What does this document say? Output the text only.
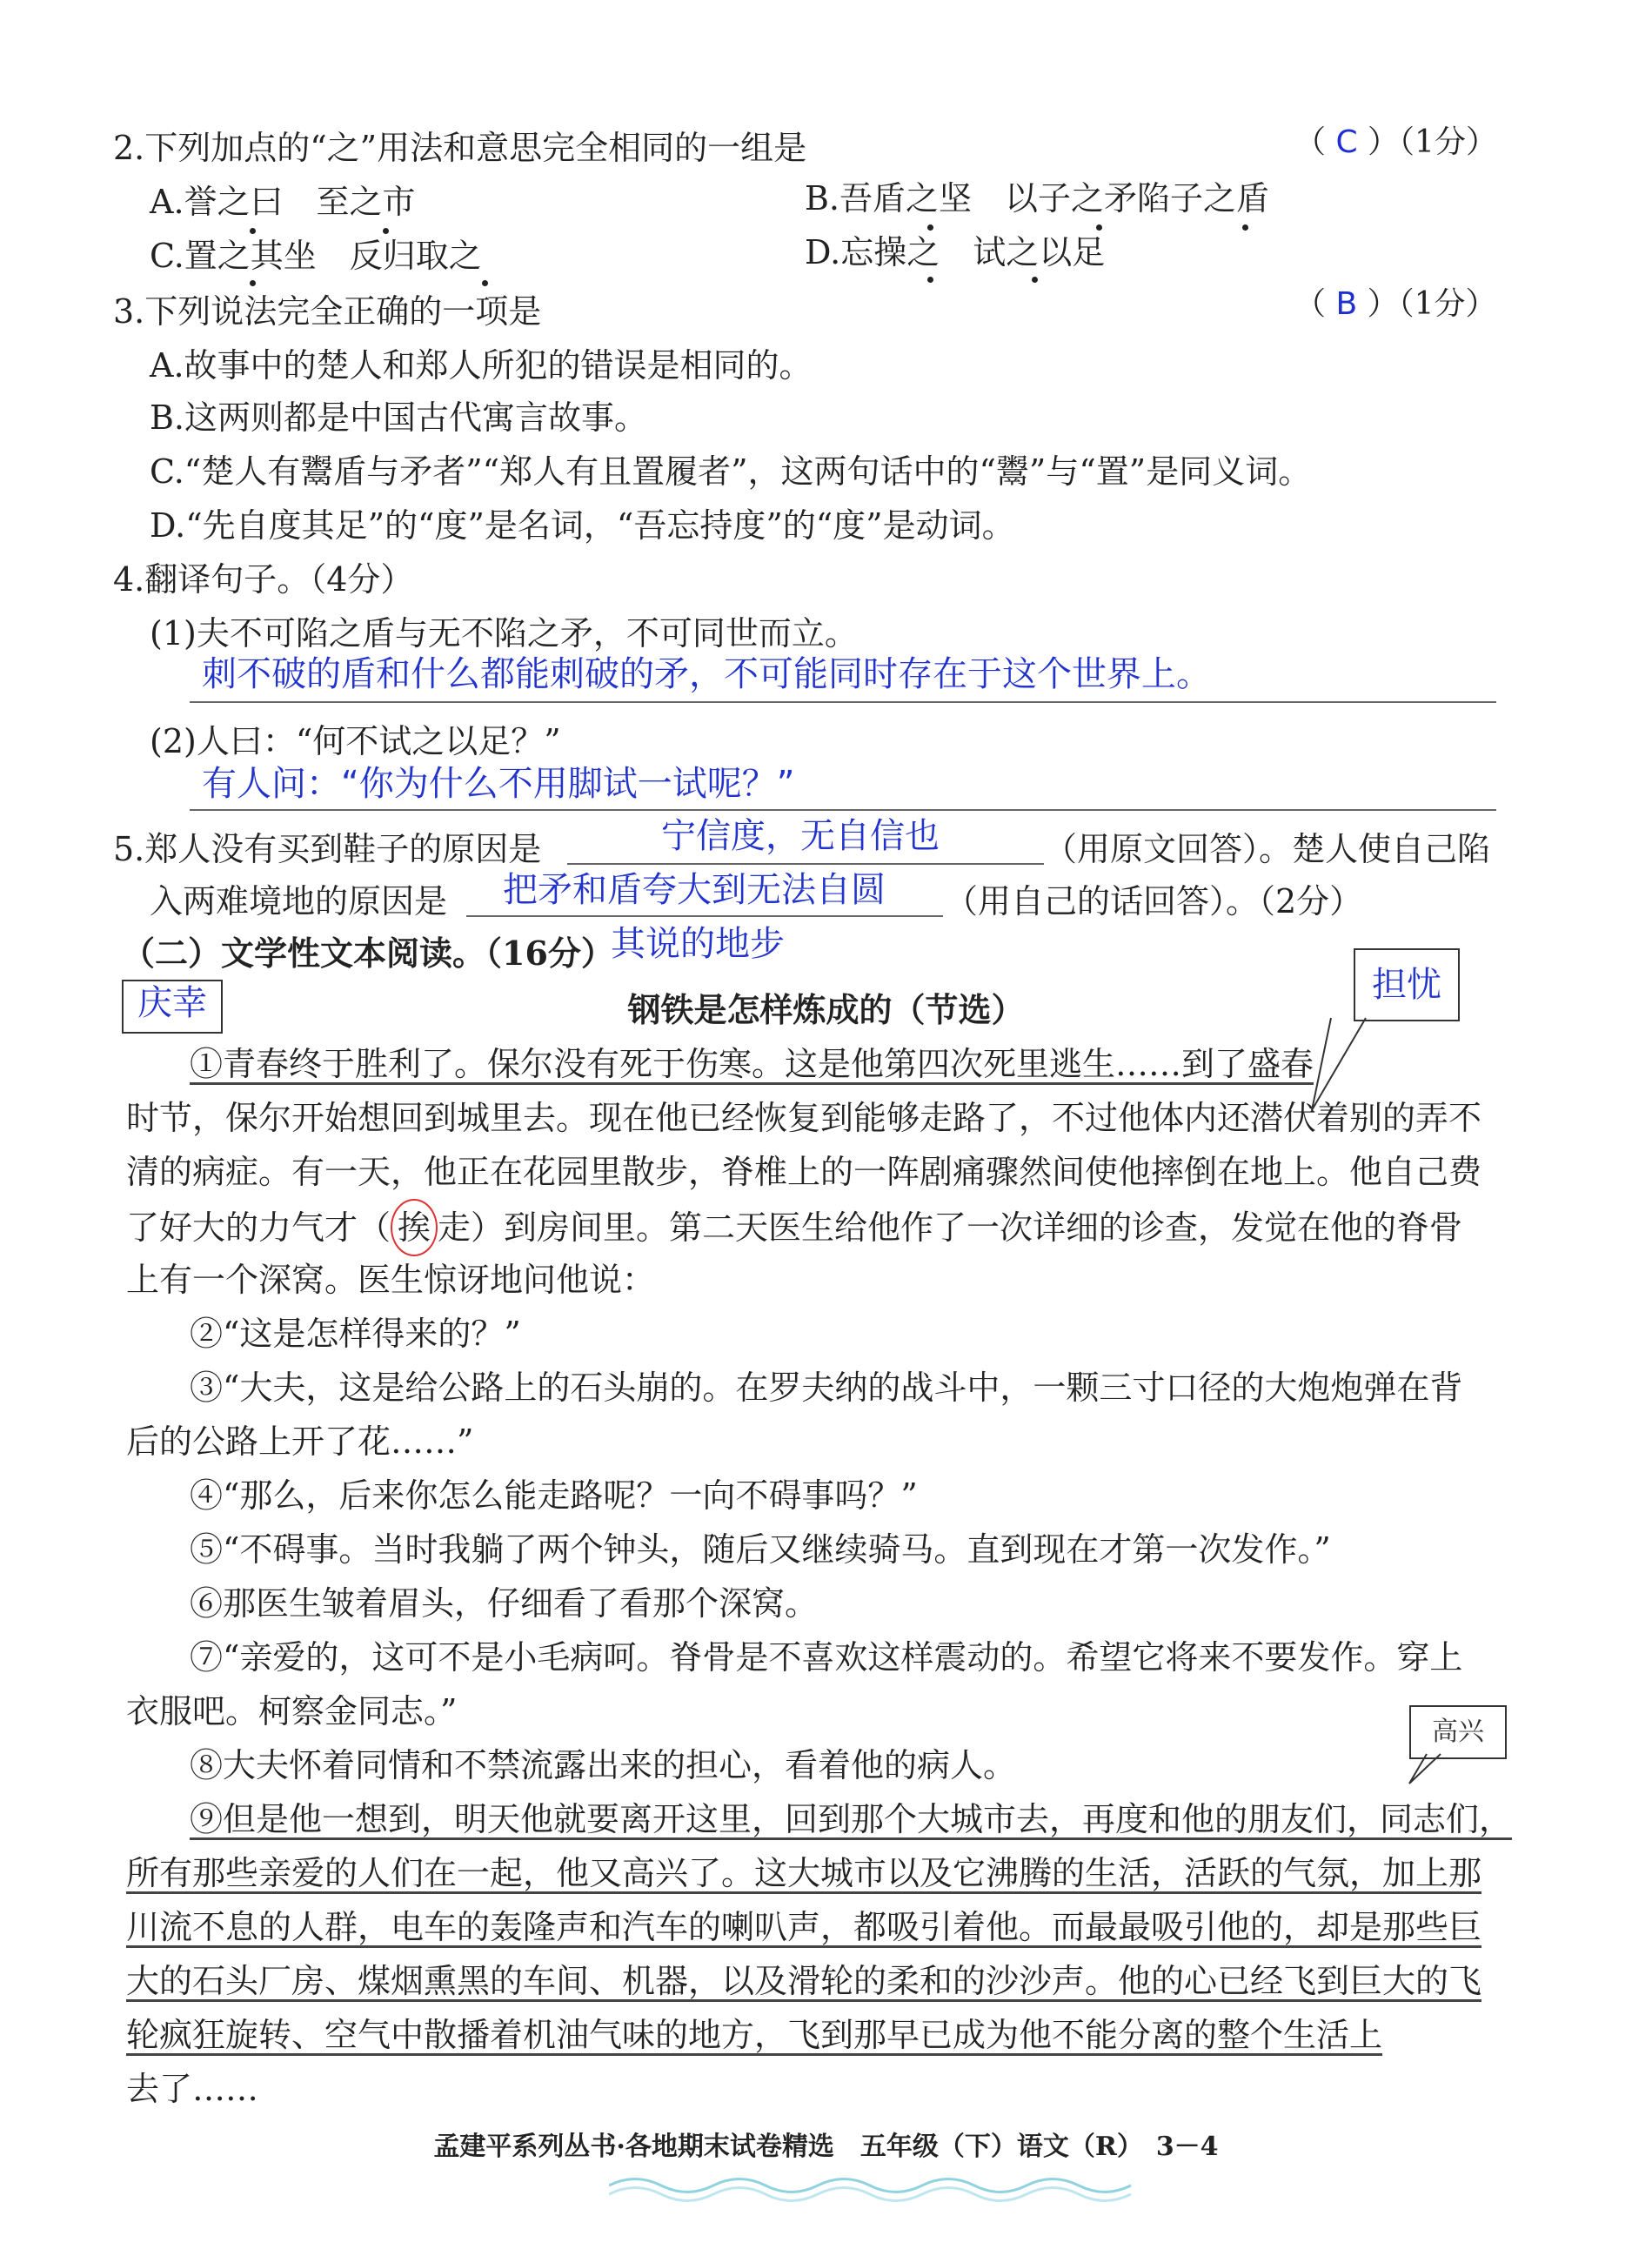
2.下列加点的“之”用法和意思完全相同的一组是	（ C ）（1分）
A.誉之曰　至之市	B.吾盾之坚　以子之矛陷子之盾
C.置之其坐　反归取之	D.忘操之　试之以足
3.下列说法完全正确的一项是	（ B ）（1分）
A.故事中的楚人和郑人所犯的错误是相同的。
B.这两则都是中国古代寓言故事。
C.“楚人有鬻盾与矛者”“郑人有且置履者”，这两句话中的“鬻”与“置”是同义词。
D.“先自度其足”的“度”是名词，“吾忘持度”的“度”是动词。
4.翻译句子。（4分）
(1)夫不可陷之盾与无不陷之矛，不可同世而立。
刺不破的盾和什么都能刺破的矛，不可能同时存在于这个世界上。
(2)人曰：“何不试之以足？”
有人问：“你为什么不用脚试一试呢？”
5.郑人没有买到鞋子的原因是	宁信度，无自信也	（用原文回答）。楚人使自己陷
入两难境地的原因是 把矛和盾夸大到无法自圆 （用自己的话回答）。（2分）
其说的地步
（二）文学性文本阅读。（16分）
钢铁是怎样炼成的（节选）
庆幸	担忧
高兴
①青春终于胜利了。保尔没有死于伤寒。这是他第四次死里逃生……到了盛春
时节，保尔开始想回到城里去。现在他已经恢复到能够走路了，不过他体内还潜伏着别的弄不
清的病症。有一天，他正在花园里散步，脊椎上的一阵剧痛骤然间使他摔倒在地上。他自己费
了好大的力气才（ 挨 走）到房间里。第二天医生给他作了一次详细的诊查，发觉在他的脊骨
上有一个深窝。医生惊讶地问他说：
②“这是怎样得来的？”
③“大夫，这是给公路上的石头崩的。在罗夫纳的战斗中，一颗三寸口径的大炮炮弹在背
后的公路上开了花……”
④“那么，后来你怎么能走路呢？一向不碍事吗？”
⑤“不碍事。当时我躺了两个钟头，随后又继续骑马。直到现在才第一次发作。”
⑥那医生皱着眉头，仔细看了看那个深窝。
⑦“亲爱的，这可不是小毛病呵。脊骨是不喜欢这样震动的。希望它将来不要发作。穿上
衣服吧。柯察金同志。”
⑧大夫怀着同情和不禁流露出来的担心，看着他的病人。
⑨但是他一想到，明天他就要离开这里，回到那个大城市去，再度和他的朋友们，同志们，
所有那些亲爱的人们在一起，他又高兴了。这大城市以及它沸腾的生活，活跃的气氛，加上那
川流不息的人群，电车的轰隆声和汽车的喇叭声，都吸引着他。而最最吸引他的，却是那些巨
大的石头厂房、煤烟熏黑的车间、机器，以及滑轮的柔和的沙沙声。他的心已经飞到巨大的飞
轮疯狂旋转、空气中散播着机油气味的地方，飞到那早已成为他不能分离的整个生活上
去了……
孟建平系列丛书·各地期末试卷精选　五年级（下）语文（R）　3－4
